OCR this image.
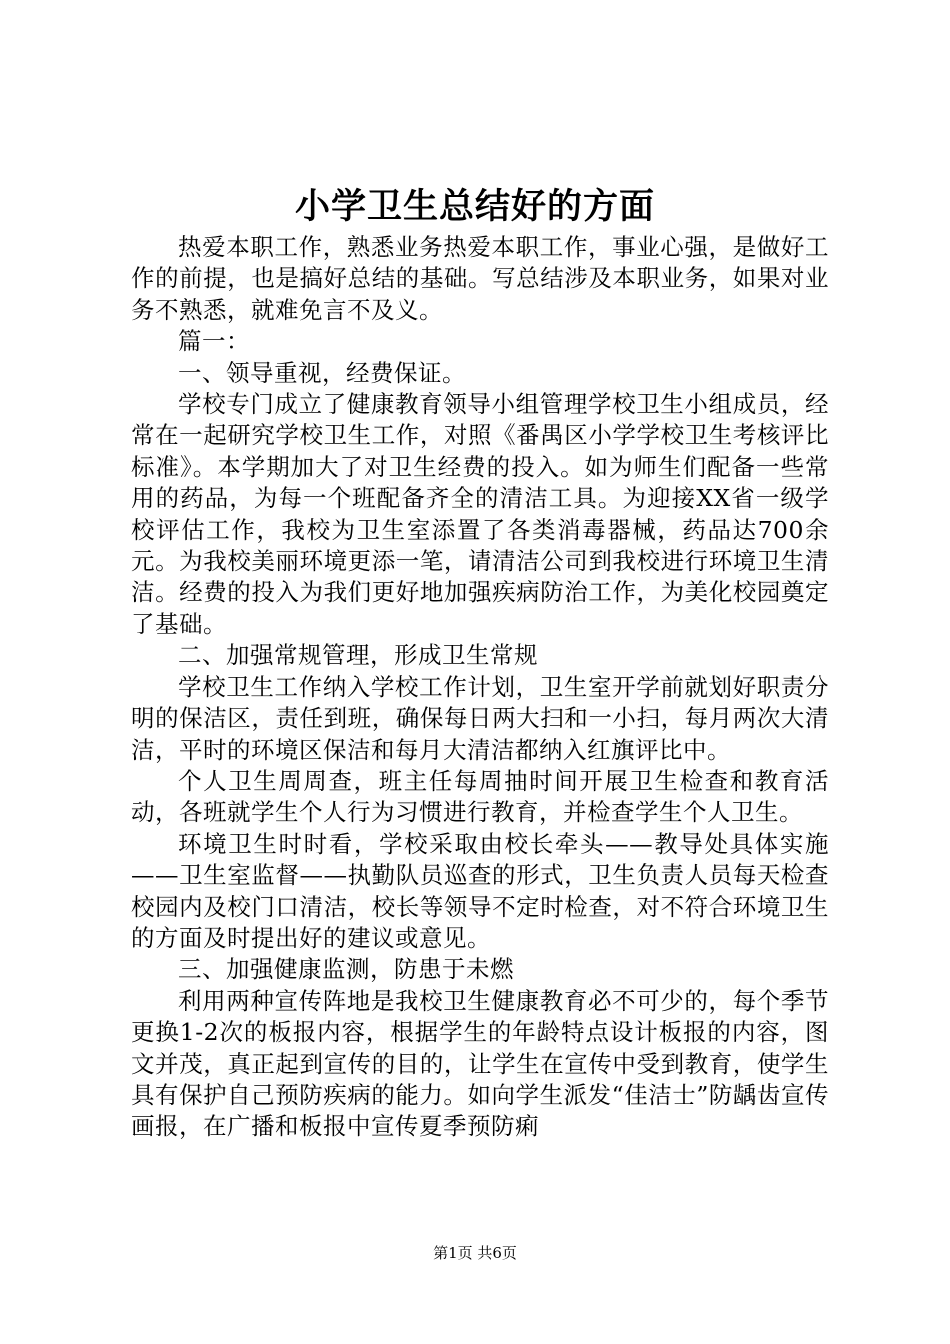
小学卫生总结好的方面

热爱本职工作，熟悉业务热爱本职工作，事业心强，是做好工作的前提，也是搞好总结的基础。写总结涉及本职业务，如果对业务不熟悉，就难免言不及义。

篇一：

一、领导重视，经费保证。

学校专门成立了健康教育领导小组管理学校卫生小组成员，经常在一起研究学校卫生工作，对照《番禺区小学学校卫生考核评比标准》。本学期加大了对卫生经费的投入。如为师生们配备一些常用的药品，为每一个班配备齐全的清洁工具。为迎接XX省一级学校评估工作，我校为卫生室添置了各类消毒器械，药品达700余元。为我校美丽环境更添一笔，请清洁公司到我校进行环境卫生清洁。经费的投入为我们更好地加强疾病防治工作，为美化校园奠定了基础。

二、加强常规管理，形成卫生常规

学校卫生工作纳入学校工作计划，卫生室开学前就划好职责分明的保洁区，责任到班，确保每日两大扫和一小扫，每月两次大清洁，平时的环境区保洁和每月大清洁都纳入红旗评比中。

个人卫生周周查，班主任每周抽时间开展卫生检查和教育活动，各班就学生个人行为习惯进行教育，并检查学生个人卫生。

环境卫生时时看，学校采取由校长牵头——教导处具体实施——卫生室监督——执勤队员巡查的形式，卫生负责人员每天检查校园内及校门口清洁，校长等领导不定时检查，对不符合环境卫生的方面及时提出好的建议或意见。

三、加强健康监测，防患于未燃

利用两种宣传阵地是我校卫生健康教育必不可少的，每个季节更换1-2次的板报内容，根据学生的年龄特点设计板报的内容，图文并茂，真正起到宣传的目的，让学生在宣传中受到教育，使学生具有保护自己预防疾病的能力。如向学生派发“佳洁士”防龋齿宣传画报，在广播和板报中宣传夏季预防痢

第1页 共6页
